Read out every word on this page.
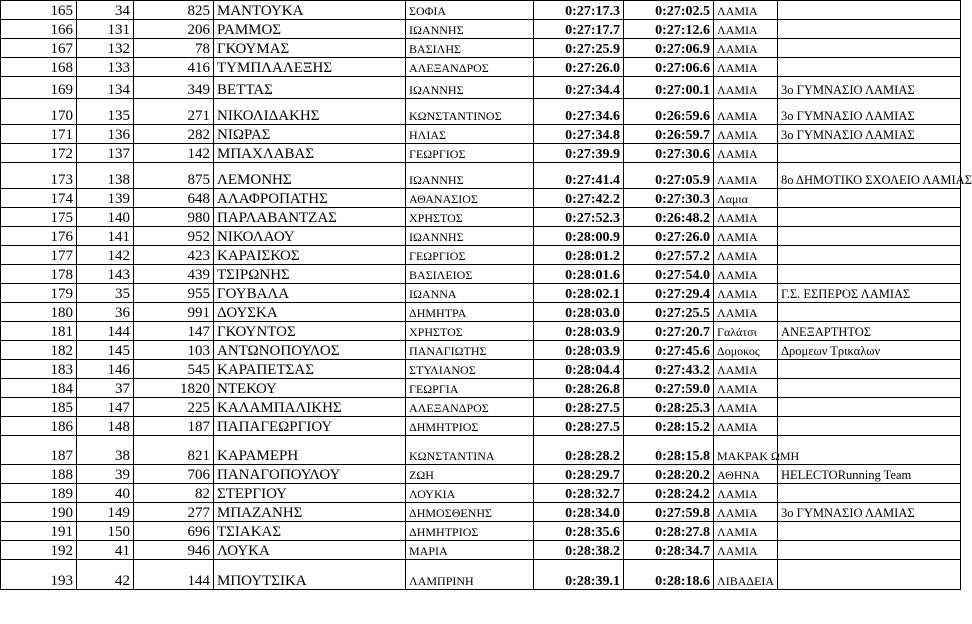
165	34	825	ΜΑΝΤΟΥΚΑ	ΣΟΦΙΑ	0:27:17.3	0:27:02.5	ΛΑΜΙΑ	
166	131	206	ΡΑΜΜΟΣ	ΙΩΑΝΝΗΣ	0:27:17.7	0:27:12.6	ΛΑΜΙΑ	
167	132	78	ΓΚΟΥΜΑΣ	ΒΑΣΙΛΗΣ	0:27:25.9	0:27:06.9	ΛΑΜΙΑ	
168	133	416	ΤΥΜΠΛΑΛΕΞΗΣ	ΑΛΕΞΑΝΔΡΟΣ	0:27:26.0	0:27:06.6	ΛΑΜΙΑ	
169	134	349	ΒΕΤΤΑΣ	ΙΩΑΝΝΗΣ	0:27:34.4	0:27:00.1	ΛΑΜΙΑ	3ο ΓΥΜΝΑΣΙΟ ΛΑΜΙΑΣ
170	135	271	ΝΙΚΟΛΙΔΑΚΗΣ	ΚΩΝΣΤΑΝΤΙΝΟΣ	0:27:34.6	0:26:59.6	ΛΑΜΙΑ	3ο ΓΥΜΝΑΣΙΟ ΛΑΜΙΑΣ
171	136	282	ΝΙΩΡΑΣ	ΗΛΙΑΣ	0:27:34.8	0:26:59.7	ΛΑΜΙΑ	3ο ΓΥΜΝΑΣΙΟ ΛΑΜΙΑΣ
172	137	142	ΜΠΑΧΛΑΒΑΣ	ΓΕΩΡΓΙΟΣ	0:27:39.9	0:27:30.6	ΛΑΜΙΑ	
173	138	875	ΛΕΜΟΝΗΣ	ΙΩΑΝΝΗΣ	0:27:41.4	0:27:05.9	ΛΑΜΙΑ	8ο ΔΗΜΟΤΙΚΟ ΣΧΟΛΕΙΟ ΛΑΜΙΑΣ
174	139	648	ΑΛΑΦΡΟΠΑΤΗΣ	ΑΘΑΝΑΣΙΟΣ	0:27:42.2	0:27:30.3	Λαμια	
175	140	980	ΠΑΡΛΑΒΑΝΤΖΑΣ	ΧΡΗΣΤΟΣ	0:27:52.3	0:26:48.2	ΛΑΜΙΑ	
176	141	952	ΝΙΚΟΛΑΟΥ	ΙΩΑΝΝΗΣ	0:28:00.9	0:27:26.0	ΛΑΜΙΑ	
177	142	423	ΚΑΡΑΙΣΚΟΣ	ΓΕΩΡΓΙΟΣ	0:28:01.2	0:27:57.2	ΛΑΜΙΑ	
178	143	439	ΤΣΙΡΩΝΗΣ	ΒΑΣΙΛΕΙΟΣ	0:28:01.6	0:27:54.0	ΛΑΜΙΑ	
179	35	955	ΓΟΥΒΑΛΑ	ΙΩΑΝΝΑ	0:28:02.1	0:27:29.4	ΛΑΜΙΑ	Γ.Σ. ΕΣΠΕΡΟΣ ΛΑΜΙΑΣ
180	36	991	ΔΟΥΣΚΑ	ΔΗΜΗΤΡΑ	0:28:03.0	0:27:25.5	ΛΑΜΙΑ	
181	144	147	ΓΚΟΥΝΤΟΣ	ΧΡΗΣΤΟΣ	0:28:03.9	0:27:20.7	Γαλάτσι	ΑΝΕΞΑΡΤΗΤΟΣ
182	145	103	ΑΝΤΩΝΟΠΟΥΛΟΣ	ΠΑΝΑΓΙΩΤΗΣ	0:28:03.9	0:27:45.6	Δομοκος	Δρομεων Τρικαλων
183	146	545	ΚΑΡΑΠΕΤΣΑΣ	ΣΤΥΛΙΑΝΟΣ	0:28:04.4	0:27:43.2	ΛΑΜΙΑ	
184	37	1820	ΝΤΕΚΟΥ	ΓΕΩΡΓΙΑ	0:28:26.8	0:27:59.0	ΛΑΜΙΑ	
185	147	225	ΚΑΛΑΜΠΑΛΙΚΗΣ	ΑΛΕΞΑΝΔΡΟΣ	0:28:27.5	0:28:25.3	ΛΑΜΙΑ	
186	148	187	ΠΑΠΑΓΕΩΡΓΙΟΥ	ΔΗΜΗΤΡΙΟΣ	0:28:27.5	0:28:15.2	ΛΑΜΙΑ	
187	38	821	ΚΑΡΑΜΕΡΗ	ΚΩΝΣΤΑΝΤΙΝΑ	0:28:28.2	0:28:15.8	ΜΑΚΡΑΚ ΩΜΗ	
188	39	706	ΠΑΝΑΓΟΠΟΥΛΟΥ	ΖΩΗ	0:28:29.7	0:28:20.2	ΑΘΗΝΑ	HELECTORunning Team
189	40	82	ΣΤΕΡΓΙΟΥ	ΛΟΥΚΙΑ	0:28:32.7	0:28:24.2	ΛΑΜΙΑ	
190	149	277	ΜΠΑΖΑΝΗΣ	ΔΗΜΟΣΘΕΝΗΣ	0:28:34.0	0:27:59.8	ΛΑΜΙΑ	3ο ΓΥΜΝΑΣΙΟ ΛΑΜΙΑΣ
191	150	696	ΤΣΙΑΚΑΣ	ΔΗΜΗΤΡΙΟΣ	0:28:35.6	0:28:27.8	ΛΑΜΙΑ	
192	41	946	ΛΟΥΚΑ	ΜΑΡΙΑ	0:28:38.2	0:28:34.7	ΛΑΜΙΑ	
193	42	144	ΜΠΟΥΤΣΙΚΑ	ΛΑΜΠΡΙΝΗ	0:28:39.1	0:28:18.6	ΛΙΒΑΔΕΙΑ	
